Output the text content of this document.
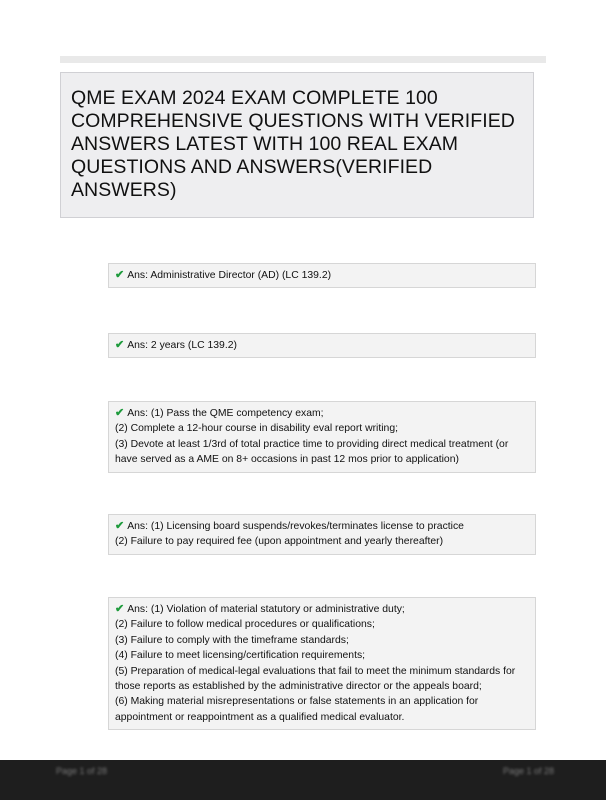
QME EXAM 2024 EXAM COMPLETE 100 COMPREHENSIVE QUESTIONS WITH VERIFIED ANSWERS LATEST WITH 100 REAL EXAM QUESTIONS AND ANSWERS(VERIFIED ANSWERS)
✔ Ans: Administrative Director (AD) (LC 139.2)
✔ Ans: 2 years (LC 139.2)
✔ Ans: (1) Pass the QME competency exam;
(2) Complete a 12-hour course in disability eval report writing;
(3) Devote at least 1/3rd of total practice time to providing direct medical treatment (or
have served as a AME on 8+ occasions in past 12 mos prior to application)
✔ Ans: (1) Licensing board suspends/revokes/terminates license to practice
(2) Failure to pay required fee (upon appointment and yearly thereafter)
✔ Ans: (1) Violation of material statutory or administrative duty;
(2) Failure to follow medical procedures or qualifications;
(3) Failure to comply with the timeframe standards;
(4) Failure to meet licensing/certification requirements;
(5) Preparation of medical-legal evaluations that fail to meet the minimum standards for
those reports as established by the administrative director or the appeals board;
(6) Making material misrepresentations or false statements in an application for
appointment or reappointment as a qualified medical evaluator.
Page 1 of 28	Page 1 of 28
